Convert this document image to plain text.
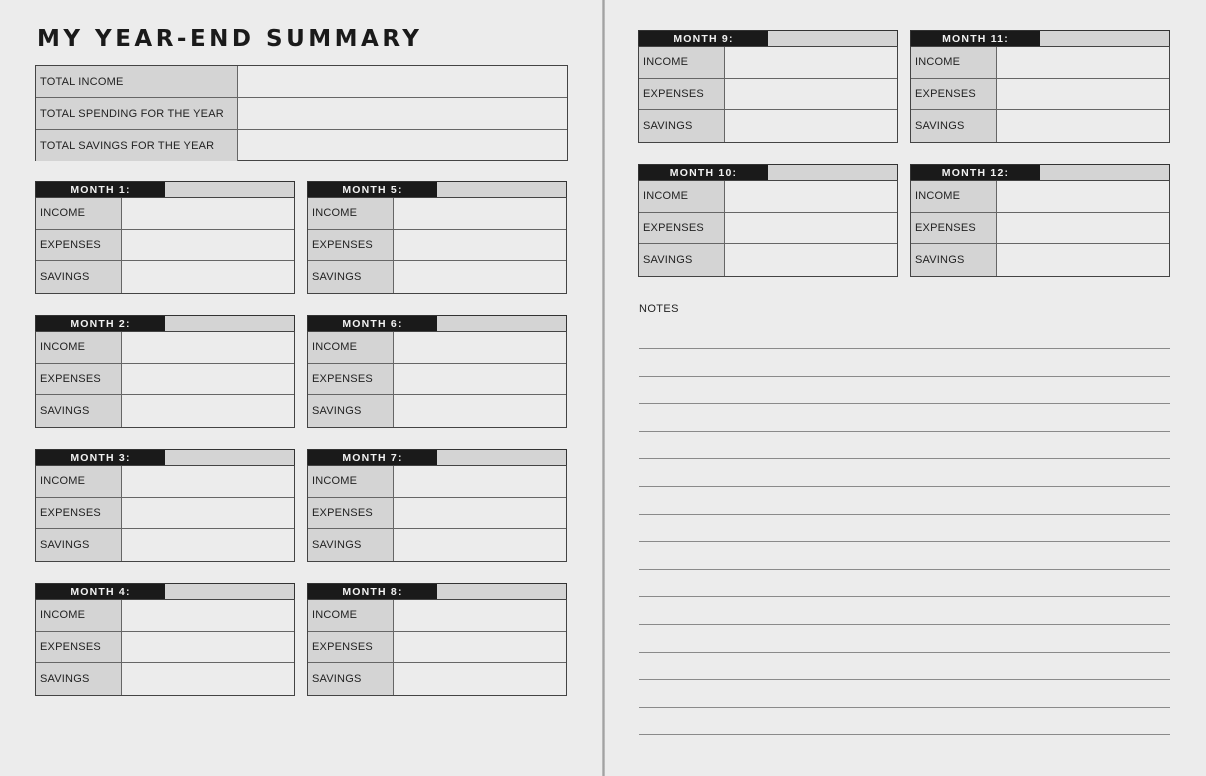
MY YEAR-END SUMMARY
TOTAL INCOME
TOTAL SPENDING FOR THE YEAR
TOTAL SAVINGS FOR THE YEAR
MONTH 1:
INCOME
EXPENSES
SAVINGS
MONTH 2:
INCOME
EXPENSES
SAVINGS
MONTH 3:
INCOME
EXPENSES
SAVINGS
MONTH 4:
INCOME
EXPENSES
SAVINGS
MONTH 5:
INCOME
EXPENSES
SAVINGS
MONTH 6:
INCOME
EXPENSES
SAVINGS
MONTH 7:
INCOME
EXPENSES
SAVINGS
MONTH 8:
INCOME
EXPENSES
SAVINGS
MONTH 9:
INCOME
EXPENSES
SAVINGS
MONTH 10:
INCOME
EXPENSES
SAVINGS
MONTH 11:
INCOME
EXPENSES
SAVINGS
MONTH 12:
INCOME
EXPENSES
SAVINGS
NOTES
